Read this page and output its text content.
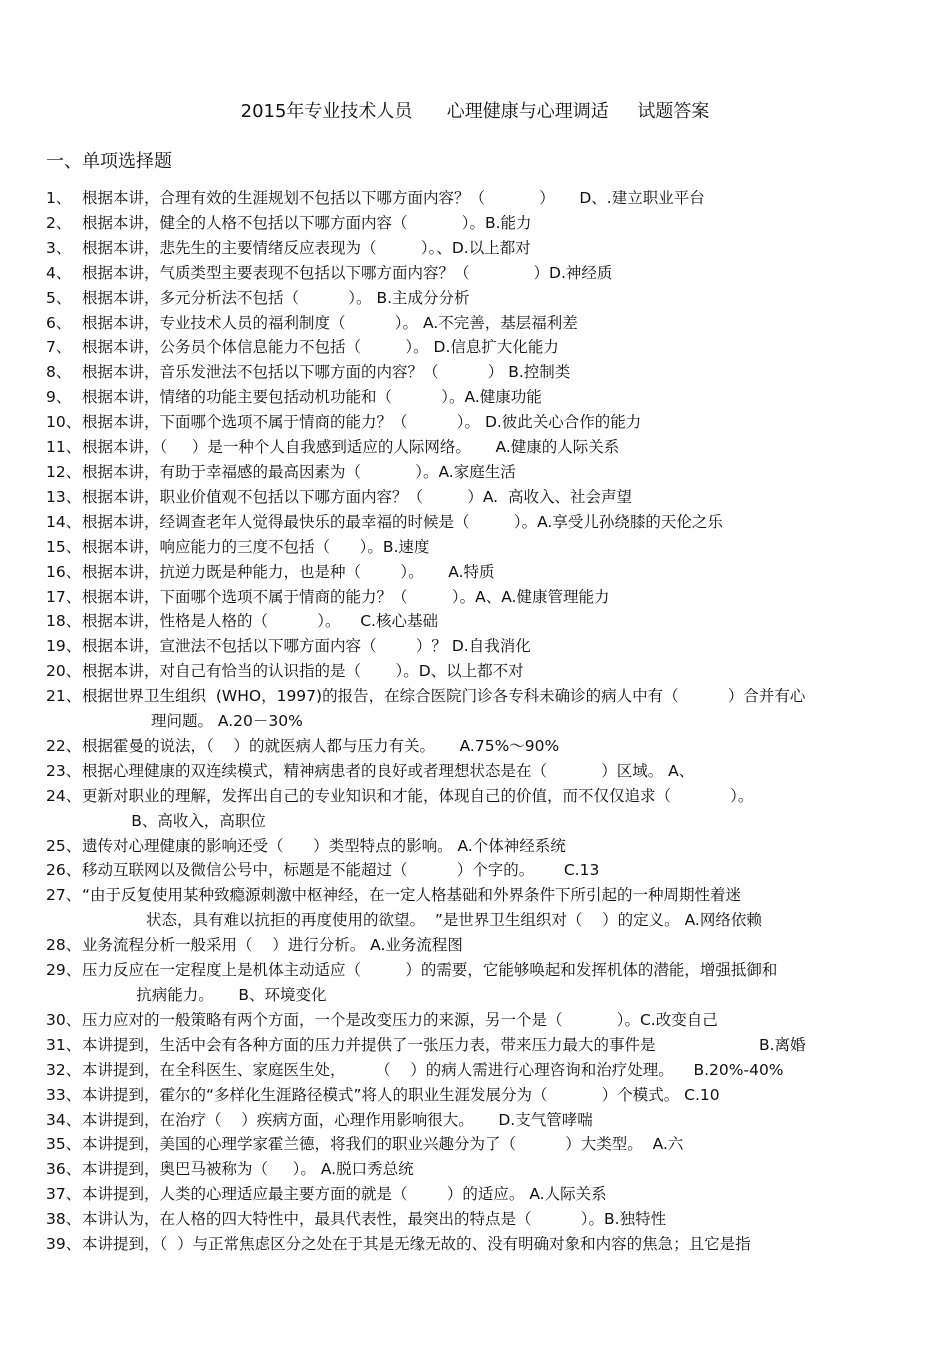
2015年专业技术人员      心理健康与心理调适     试题答案
一、单项选择题
1、 根据本讲，合理有效的生涯规划不包括以下哪方面内容？（           ）     D、.建立职业平台
2、 根据本讲，健全的人格不包括以下哪方面内容（           ）。B.能力
3、 根据本讲，悲先生的主要情绪反应表现为（         ）。、D.以上都对
4、 根据本讲，气质类型主要表现不包括以下哪方面内容？（             ）D.神经质
5、 根据本讲，多元分析法不包括（          ）。 B.主成分分析
6、 根据本讲，专业技术人员的福利制度（          ）。 A.不完善，基层福利差
7、 根据本讲，公务员个体信息能力不包括（         ）。 D.信息扩大化能力
8、 根据本讲，音乐发泄法不包括以下哪方面的内容？（          ） B.控制类
9、 根据本讲，情绪的功能主要包括动机功能和（          ）。A.健康功能
10、 根据本讲，下面哪个选项不属于情商的能力？（          ）。 D.彼此关心合作的能力
11、 根据本讲，（     ）是一种个人自我感到适应的人际网络。     A.健康的人际关系
12、 根据本讲，有助于幸福感的最高因素为（           ）。A.家庭生活
13、 根据本讲，职业价值观不包括以下哪方面内容？（         ）A.  高收入、社会声望
14、 根据本讲，经调查老年人觉得最快乐的最幸福的时候是（         ）。A.享受儿孙绕膝的天伦之乐
15、 根据本讲，响应能力的三度不包括（      ）。B.速度
16、 根据本讲，抗逆力既是种能力，也是种（        ）。     A.特质
17、 根据本讲，下面哪个选项不属于情商的能力？（         ）。A、A.健康管理能力
18、 根据本讲，性格是人格的（          ）。    C.核心基础
19、 根据本讲，宣泄法不包括以下哪方面内容（        ）？ D.自我消化
20、 根据本讲，对自己有恰当的认识指的是（       ）。D、以上都不对
21、 根据世界卫生组织  (WHO，1997)的报告，在综合医院门诊各专科未确诊的病人中有（          ）合并有心
理问题。 A.20－30%
22、 根据霍曼的说法，（    ）的就医病人都与压力有关。     A.75%～90%
23、 根据心理健康的双连续模式，精神病患者的良好或者理想状态是在（           ）区域。 A、
24、 更新对职业的理解，发挥出自己的专业知识和才能，体现自己的价值，而不仅仅追求（            ）。
B、高收入，高职位
25、 遗传对心理健康的影响还受（      ）类型特点的影响。 A.个体神经系统
26、 移动互联网以及微信公号中，标题是不能超过（          ）个字的。      C.13
27、 “由于反复使用某种致瘾源刺激中枢神经，在一定人格基础和外界条件下所引起的一种周期性着迷
状态，具有难以抗拒的再度使用的欲望。  ”是世界卫生组织对（    ）的定义。 A.网络依赖
28、 业务流程分析一般采用（    ）进行分析。 A.业务流程图
29、 压力反应在一定程度上是机体主动适应（         ）的需要，它能够唤起和发挥机体的潜能，增强抵御和
抗病能力。     B、环境变化
30、 压力应对的一般策略有两个方面，一个是改变压力的来源，另一个是（           ）。C.改变自己
31、 本讲提到，生活中会有各种方面的压力并提供了一张压力表，带来压力最大的事件是                     B.离婚
32、 本讲提到，在全科医生、家庭医生处，      （    ）的病人需进行心理咨询和治疗处理。    B.20%-40%
33、 本讲提到，霍尔的“多样化生涯路径模式”将人的职业生涯发展分为（           ）个模式。 C.10
34、 本讲提到，在治疗（    ）疾病方面，心理作用影响很大。     D.支气管哮喘
35、 本讲提到，美国的心理学家霍兰德，将我们的职业兴趣分为了（          ）大类型。  A.六
36、 本讲提到，奥巴马被称为（     ）。 A.脱口秀总统
37、 本讲提到，人类的心理适应最主要方面的就是（        ）的适应。 A.人际关系
38、 本讲认为，在人格的四大特性中，最具代表性，最突出的特点是（          ）。B.独特性
39、 本讲提到，（  ）与正常焦虑区分之处在于其是无缘无故的、没有明确对象和内容的焦急；且它是指
